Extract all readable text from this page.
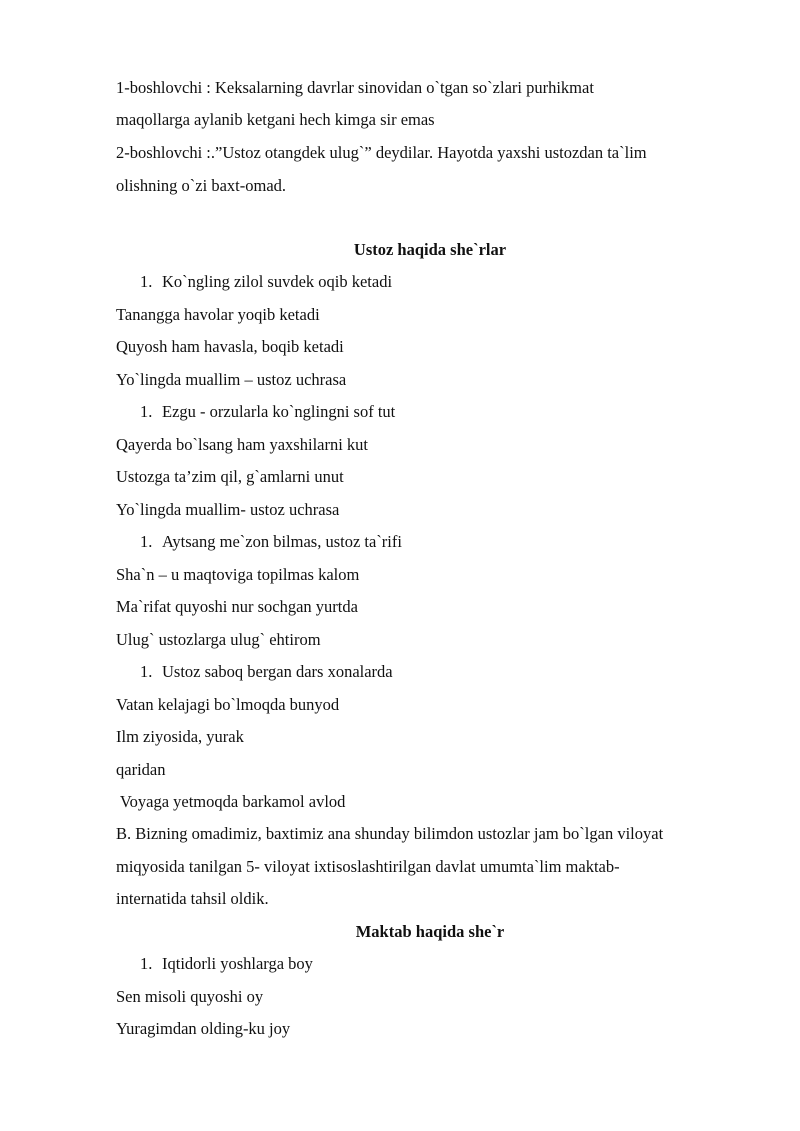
1-boshlovchi : Keksalarning davrlar sinovidan o`tgan so`zlari purhikmat
maqollarga aylanib ketgani hech kimga sir emas
2-boshlovchi :.”Ustoz otangdek ulug`” deydilar. Hayotda yaxshi ustozdan ta`lim
olishning o`zi baxt-omad.
Ustoz haqida she`rlar
1. Ko`ngling zilol suvdek oqib ketadi
Tanangga havolar yoqib ketadi
Quyosh ham havasla, boqib ketadi
Yo`lingda muallim – ustoz uchrasa
1. Ezgu - orzularla ko`nglingni sof tut
Qayerda bo`lsang ham yaxshilarni kut
Ustozga ta’zim qil, g`amlarni unut
Yo`lingda muallim- ustoz uchrasa
1. Aytsang me`zon bilmas, ustoz ta`rifi
Sha`n – u maqtoviga topilmas kalom
Ma`rifat quyoshi nur sochgan yurtda
Ulug` ustozlarga ulug` ehtirom
1. Ustoz saboq bergan dars xonalarda
Vatan kelajagi bo`lmoqda bunyod
Ilm ziyosida, yurak
qaridan
Voyaga yetmoqda barkamol avlod
B. Bizning omadimiz, baxtimiz ana shunday bilimdon ustozlar jam bo`lgan viloyat
miqyosida tanilgan 5- viloyat ixtisoslashtirilgan davlat umumta`lim maktab-
internatida tahsil oldik.
Maktab haqida she`r
1. Iqtidorli yoshlarga boy
Sen misoli quyoshi oy
Yuragimdan olding-ku joy
